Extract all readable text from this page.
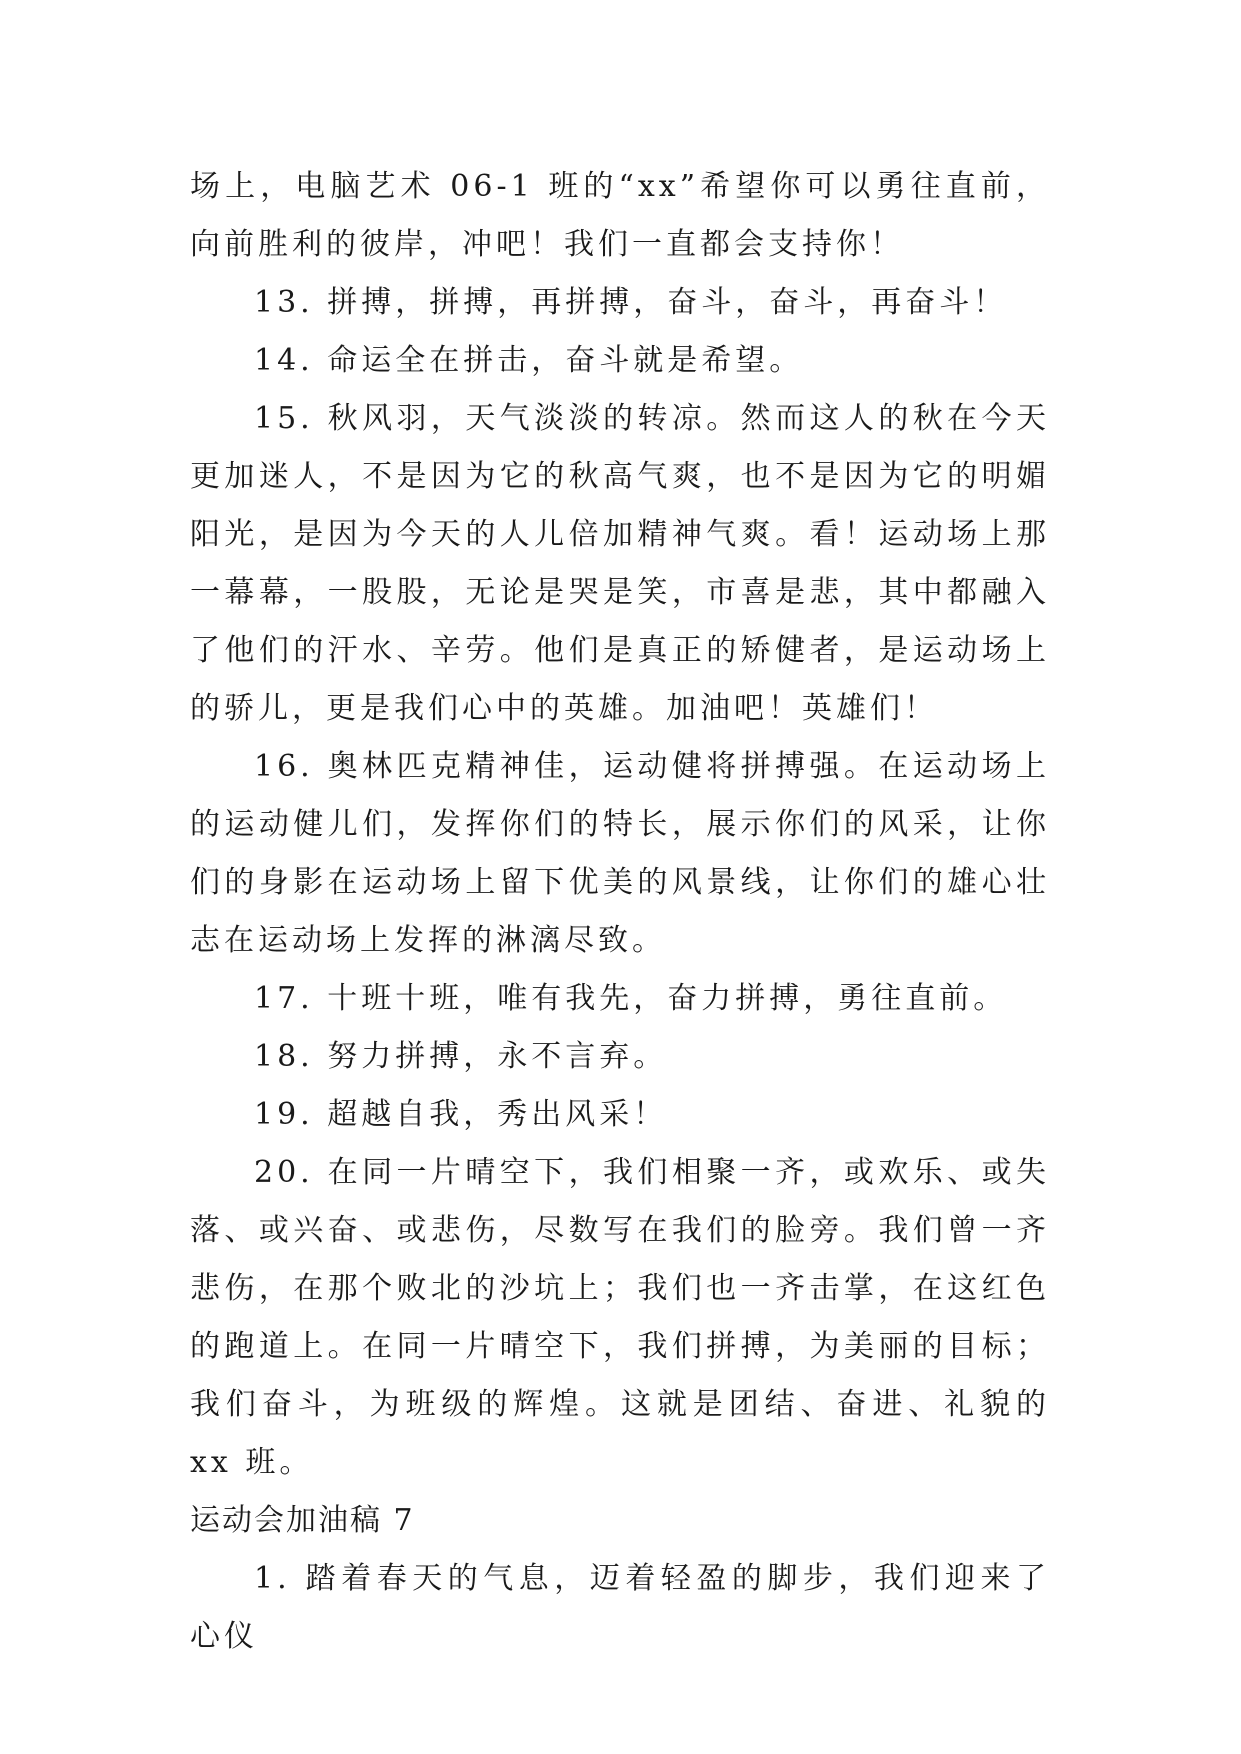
场上，电脑艺术 06-1 班的“xx”希望你可以勇往直前，向前胜利的彼岸，冲吧！我们一直都会支持你！

13. 拼搏，拼搏，再拼搏，奋斗，奋斗，再奋斗！

14. 命运全在拼击，奋斗就是希望。

15. 秋风羽，天气淡淡的转凉。然而这人的秋在今天更加迷人，不是因为它的秋高气爽，也不是因为它的明媚阳光，是因为今天的人儿倍加精神气爽。看！运动场上那一幕幕，一股股，无论是哭是笑，市喜是悲，其中都融入了他们的汗水、辛劳。他们是真正的矫健者，是运动场上的骄儿，更是我们心中的英雄。加油吧！英雄们！

16. 奥林匹克精神佳，运动健将拼搏强。在运动场上的运动健儿们，发挥你们的特长，展示你们的风采，让你们的身影在运动场上留下优美的风景线，让你们的雄心壮志在运动场上发挥的淋漓尽致。

17. 十班十班，唯有我先，奋力拼搏，勇往直前。

18. 努力拼搏，永不言弃。

19. 超越自我，秀出风采！

20. 在同一片晴空下，我们相聚一齐，或欢乐、或失落、或兴奋、或悲伤，尽数写在我们的脸旁。我们曾一齐悲伤，在那个败北的沙坑上；我们也一齐击掌，在这红色的跑道上。在同一片晴空下，我们拼搏，为美丽的目标；我们奋斗，为班级的辉煌。这就是团结、奋进、礼貌的 xx 班。

运动会加油稿 7

1. 踏着春天的气息，迈着轻盈的脚步，我们迎来了心仪
